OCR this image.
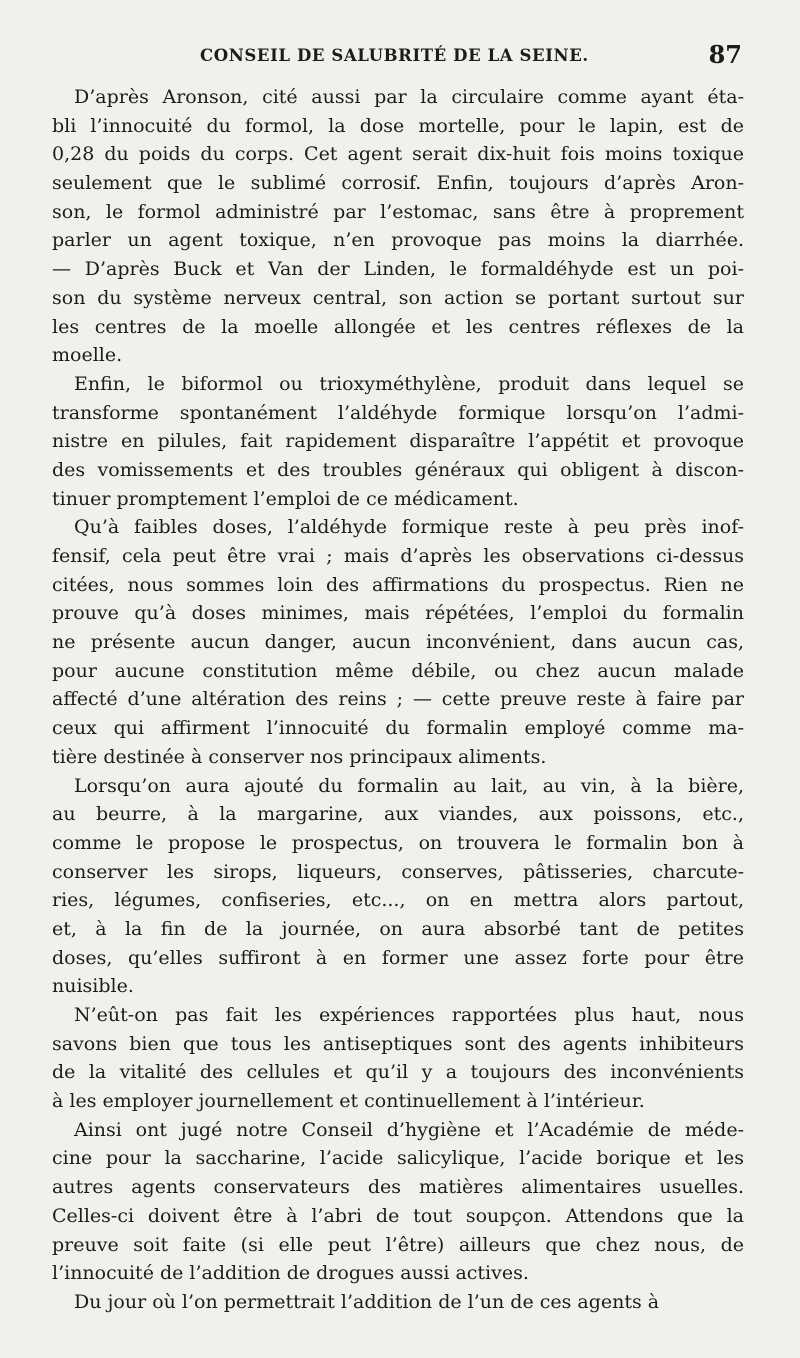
CONSEIL DE SALUBRITÉ DE LA SEINE.	87
D’après Aronson, cité aussi par la circulaire comme ayant éta-
bli l’innocuité du formol, la dose mortelle, pour le lapin, est de
0,28 du poids du corps. Cet agent serait dix-huit fois moins toxique
seulement que le sublimé corrosif. Enfin, toujours d’après Aron-
son, le formol administré par l’estomac, sans être à proprement
parler un agent toxique, n’en provoque pas moins la diarrhée.
— D’après Buck et Van der Linden, le formaldéhyde est un poi-
son du système nerveux central, son action se portant surtout sur
les centres de la moelle allongée et les centres réflexes de la
moelle.
Enfin, le biformol ou trioxyméthylène, produit dans lequel se
transforme spontanément l’aldéhyde formique lorsqu’on l’admi-
nistre en pilules, fait rapidement disparaître l’appétit et provoque
des vomissements et des troubles généraux qui obligent à discon-
tinuer promptement l’emploi de ce médicament.
Qu’à faibles doses, l’aldéhyde formique reste à peu près inof-
fensif, cela peut être vrai ; mais d’après les observations ci-dessus
citées, nous sommes loin des affirmations du prospectus. Rien ne
prouve qu’à doses minimes, mais répétées, l’emploi du formalin
ne présente aucun danger, aucun inconvénient, dans aucun cas,
pour aucune constitution même débile, ou chez aucun malade
affecté d’une altération des reins ; — cette preuve reste à faire par
ceux qui affirment l’innocuité du formalin employé comme ma-
tière destinée à conserver nos principaux aliments.
Lorsqu’on aura ajouté du formalin au lait, au vin, à la bière,
au beurre, à la margarine, aux viandes, aux poissons, etc.,
comme le propose le prospectus, on trouvera le formalin bon à
conserver les sirops, liqueurs, conserves, pâtisseries, charcute-
ries, légumes, confiseries, etc..., on en mettra alors partout,
et, à la fin de la journée, on aura absorbé tant de petites
doses, qu’elles suffiront à en former une assez forte pour être
nuisible.
N’eût-on pas fait les expériences rapportées plus haut, nous
savons bien que tous les antiseptiques sont des agents inhibiteurs
de la vitalité des cellules et qu’il y a toujours des inconvénients
à les employer journellement et continuellement à l’intérieur.
Ainsi ont jugé notre Conseil d’hygiène et l’Académie de méde-
cine pour la saccharine, l’acide salicylique, l’acide borique et les
autres agents conservateurs des matières alimentaires usuelles.
Celles-ci doivent être à l’abri de tout soupçon. Attendons que la
preuve soit faite (si elle peut l’être) ailleurs que chez nous, de
l’innocuité de l’addition de drogues aussi actives.
Du jour où l’on permettrait l’addition de l’un de ces agents à
